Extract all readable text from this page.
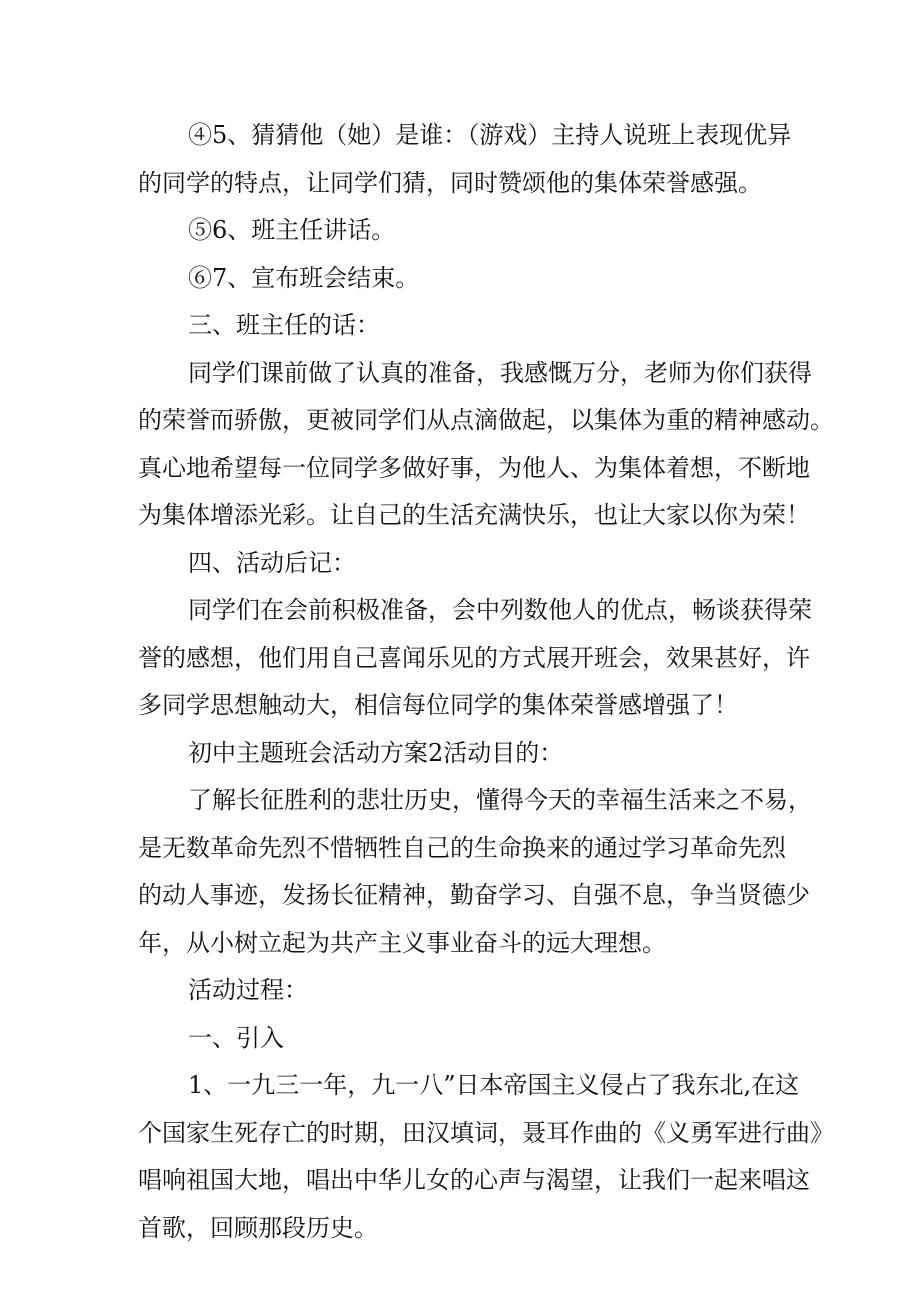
④5、猜猜他（她）是谁：（游戏）主持人说班上表现优异

的同学的特点，让同学们猜，同时赞颂他的集体荣誉感强。

⑤6、班主任讲话。

⑥7、宣布班会结束。

三、班主任的话：

同学们课前做了认真的准备，我感慨万分，老师为你们获得

的荣誉而骄傲，更被同学们从点滴做起，以集体为重的精神感动。

真心地希望每一位同学多做好事，为他人、为集体着想，不断地

为集体增添光彩。让自己的生活充满快乐，也让大家以你为荣！

四、活动后记：

同学们在会前积极准备，会中列数他人的优点，畅谈获得荣

誉的感想，他们用自己喜闻乐见的方式展开班会，效果甚好，许

多同学思想触动大，相信每位同学的集体荣誉感增强了！

初中主题班会活动方案2活动目的：

了解长征胜利的悲壮历史，懂得今天的幸福生活来之不易，

是无数革命先烈不惜牺牲自己的生命换来的通过学习革命先烈

的动人事迹，发扬长征精神，勤奋学习、自强不息，争当贤德少

年，从小树立起为共产主义事业奋斗的远大理想。

活动过程：

一、引入

1、一九三一年，九一八”日本帝国主义侵占了我东北,在这

个国家生死存亡的时期，田汉填词，聂耳作曲的《义勇军进行曲》

唱响祖国大地，唱出中华儿女的心声与渴望，让我们一起来唱这

首歌，回顾那段历史。
